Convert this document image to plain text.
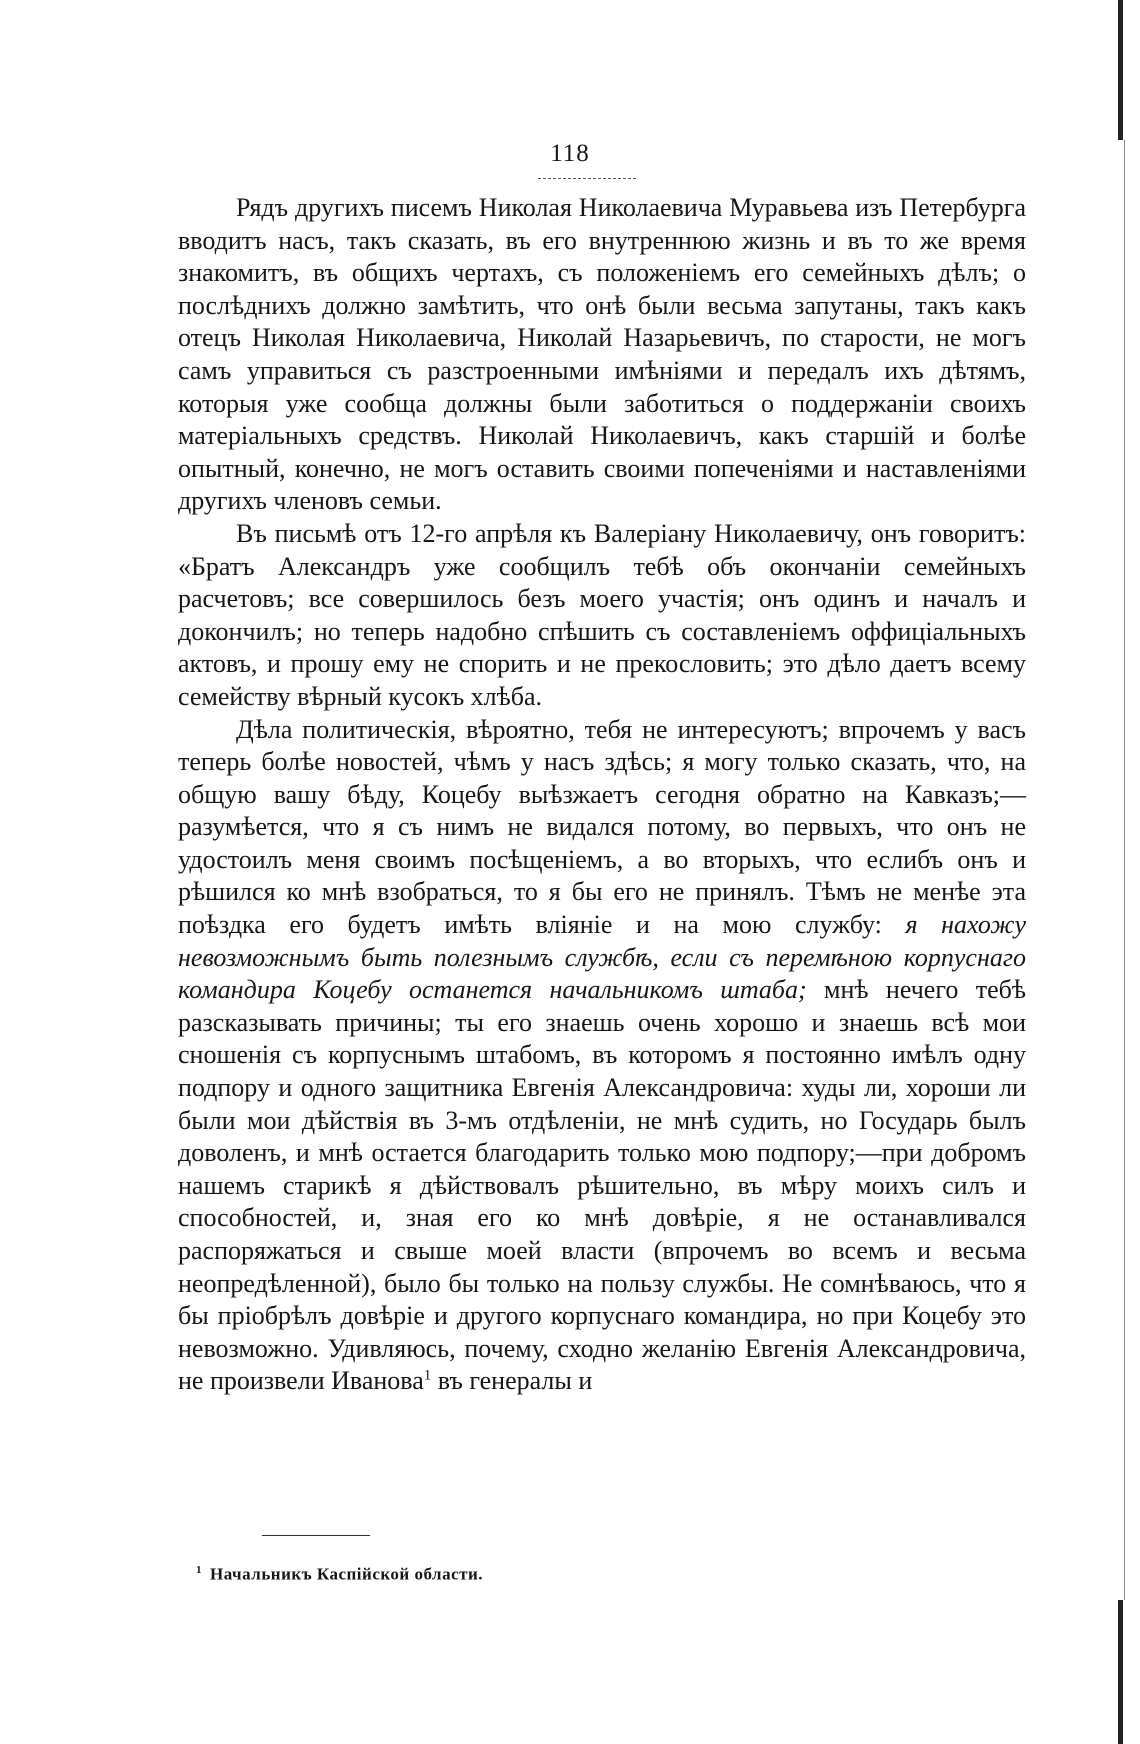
118

Рядъ другихъ писемъ Николая Николаевича Муравьева изъ Петербурга вводитъ насъ, такъ сказать, въ его внутреннюю жизнь и въ то же время знакомитъ, въ общихъ чертахъ, съ положеніемъ его семейныхъ дѣлъ; о послѣднихъ должно замѣтить, что онѣ были весьма запутаны, такъ какъ отецъ Николая Николаевича, Николай Назарьевичъ, по старости, не могъ самъ управиться съ разстроенными имѣніями и передалъ ихъ дѣтямъ, которыя уже сообща должны были заботиться о поддержаніи своихъ матеріальныхъ средствъ. Николай Николаевичъ, какъ старшій и болѣе опытный, конечно, не могъ оставить своими попеченіями и наставленіями другихъ членовъ семьи.

Въ письмѣ отъ 12-го апрѣля къ Валеріану Николаевичу, онъ говоритъ: «Братъ Александръ уже сообщилъ тебѣ объ окончаніи семейныхъ расчетовъ; все совершилось безъ моего участія; онъ одинъ и началъ и докончилъ; но теперь надобно спѣшить съ составленіемъ оффиціальныхъ актовъ, и прошу ему не спорить и не прекословить; это дѣло даетъ всему семейству вѣрный кусокъ хлѣба.

Дѣла политическія, вѣроятно, тебя не интересуютъ; впрочемъ у васъ теперь болѣе новостей, чѣмъ у насъ здѣсь; я могу только сказать, что, на общую вашу бѣду, Коцебу выѣзжаетъ сегодня обратно на Кавказъ;—разумѣется, что я съ нимъ не видался потому, во первыхъ, что онъ не удостоилъ меня своимъ посѣщеніемъ, а во вторыхъ, что еслибъ онъ и рѣшился ко мнѣ взобраться, то я бы его не принялъ. Тѣмъ не менѣе эта поѣздка его будетъ имѣть вліяніе и на мою службу: я нахожу невозможнымъ быть полезнымъ службѣ, если съ перемѣною корпуснаго командира Коцебу останется начальникомъ штаба; мнѣ нечего тебѣ разсказывать причины; ты его знаешь очень хорошо и знаешь всѣ мои сношенія съ корпуснымъ штабомъ, въ которомъ я постоянно имѣлъ одну подпору и одного защитника Евгенія Александровича: худы ли, хороши ли были мои дѣйствія въ 3-мъ отдѣленіи, не мнѣ судить, но Государь былъ доволенъ, и мнѣ остается благодарить только мою подпору;—при добромъ нашемъ старикѣ я дѣйствовалъ рѣшительно, въ мѣру моихъ силъ и способностей, и, зная его ко мнѣ довѣріе, я не останавливался распоряжаться и свыше моей власти (впрочемъ во всемъ и весьма неопредѣленной), было бы только на пользу службы. Не сомнѣваюсь, что я бы пріобрѣлъ довѣріе и другого корпуснаго командира, но при Коцебу это невозможно. Удивляюсь, почему, сходно желанію Евгенія Александровича, не произвели Иванова$^1$ въ генералы и

$^1$ Начальникъ Каспійской области.
